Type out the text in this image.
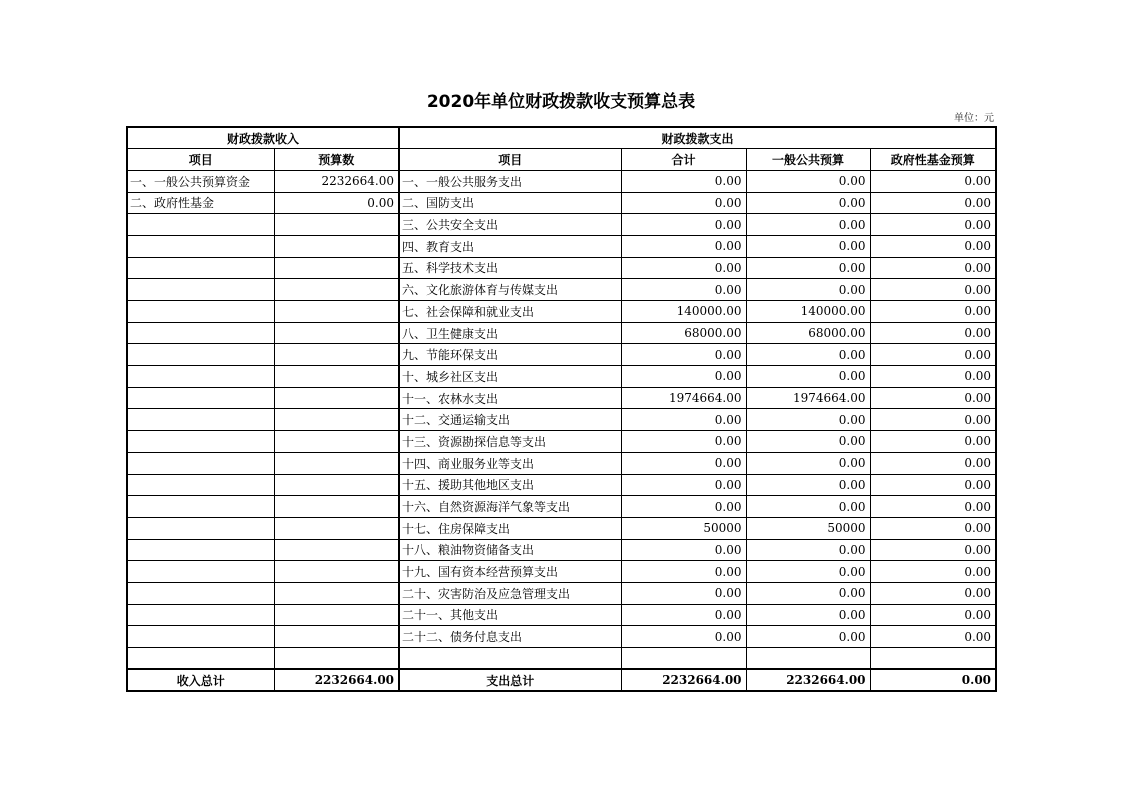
2020年单位财政拨款收支预算总表
单位：元
财政拨款收入		财政拨款支出			
项目	预算数	项目	合计	一般公共预算	政府性基金预算
一、一般公共预算资金	2232664.00	一、一般公共服务支出	0.00	0.00	0.00
二、政府性基金	0.00	二、国防支出	0.00	0.00	0.00
		三、公共安全支出	0.00	0.00	0.00
		四、教育支出	0.00	0.00	0.00
		五、科学技术支出	0.00	0.00	0.00
		六、文化旅游体育与传媒支出	0.00	0.00	0.00
		七、社会保障和就业支出	140000.00	140000.00	0.00
		八、卫生健康支出	68000.00	68000.00	0.00
		九、节能环保支出	0.00	0.00	0.00
		十、城乡社区支出	0.00	0.00	0.00
		十一、农林水支出	1974664.00	1974664.00	0.00
		十二、交通运输支出	0.00	0.00	0.00
		十三、资源勘探信息等支出	0.00	0.00	0.00
		十四、商业服务业等支出	0.00	0.00	0.00
		十五、援助其他地区支出	0.00	0.00	0.00
		十六、自然资源海洋气象等支出	0.00	0.00	0.00
		十七、住房保障支出	50000	50000	0.00
		十八、粮油物资储备支出	0.00	0.00	0.00
		十九、国有资本经营预算支出	0.00	0.00	0.00
		二十、灾害防治及应急管理支出	0.00	0.00	0.00
		二十一、其他支出	0.00	0.00	0.00
		二十二、债务付息支出	0.00	0.00	0.00

收入总计	2232664.00	支出总计	2232664.00	2232664.00	0.00
